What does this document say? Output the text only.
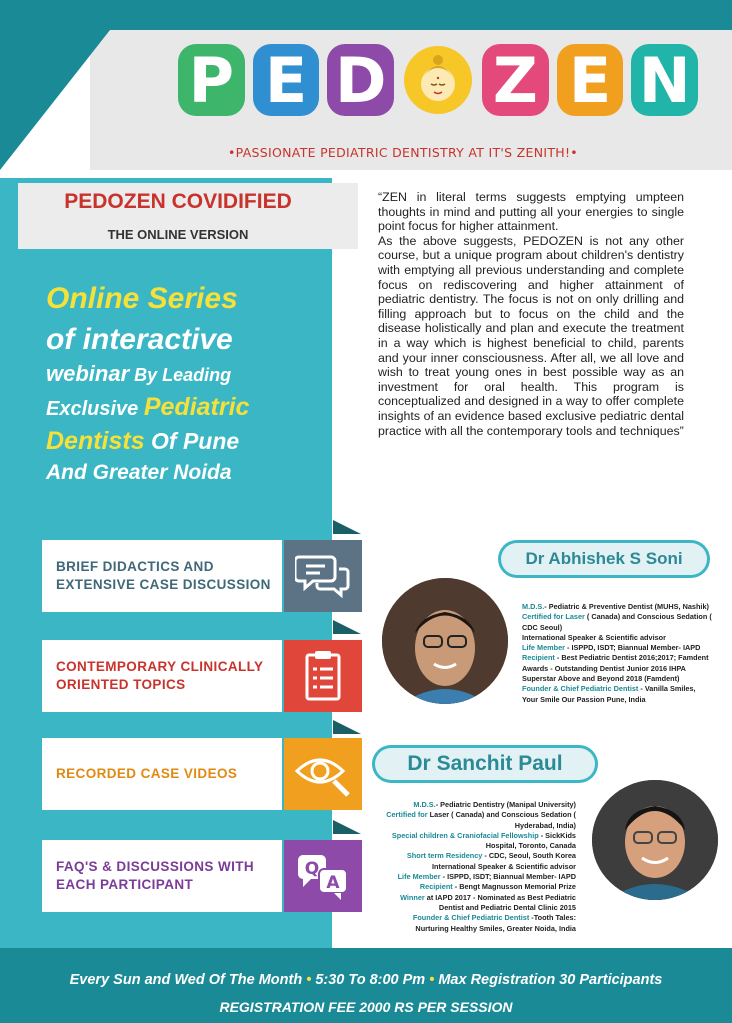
P E D Z E N
•PASSIONATE PEDIATRIC DENTISTRY AT IT'S ZENITH!•
PEDOZEN COVIDIFIED
THE ONLINE VERSION
Online Series
of interactive
webinar By Leading
Exclusive Pediatric
Dentists Of Pune
And Greater Noida
“ZEN in literal terms suggests emptying umpteen thoughts in mind and putting all your energies to single point focus for higher attainment.
As the above suggests, PEDOZEN is not any other course, but a unique program about children's dentistry with emptying all previous understanding and complete focus on rediscovering and higher attainment of pediatric dentistry. The focus is not on only drilling and filling approach but to focus on the child and the disease holistically and plan and execute the treatment in a way which is highest beneficial to child, parents and your inner consciousness. After all, we all love and wish to treat young ones in best possible way as an investment for oral health. This program is conceptualized and designed in a way to offer complete insights of an evidence based exclusive pediatric dental practice with all the contemporary tools and techniques”
BRIEF DIDACTICS AND
EXTENSIVE CASE DISCUSSION
CONTEMPORARY CLINICALLY
ORIENTED TOPICS
RECORDED CASE VIDEOS
FAQ'S & DISCUSSIONS WITH
EACH PARTICIPANT
Q
A
Dr Abhishek S Soni
M.D.S.- Pediatric & Preventive Dentist (MUHS, Nashik)
Certified for Laser ( Canada) and Conscious Sedation ( CDC Seoul)
International Speaker & Scientific advisor
Life Member - ISPPD, ISDT; Biannual Member- IAPD
Recipient - Best Pediatric Dentist 2016;2017; Famdent Awards - Outstanding Dentist Junior 2016 IHPA
Superstar Above and Beyond 2018 (Famdent)
Founder & Chief Pediatric Dentist - Vanilla Smiles, Your Smile Our Passion Pune, India
Dr Sanchit Paul
M.D.S.- Pediatric Dentistry (Manipal University)
Certified for Laser ( Canada) and Conscious Sedation ( Hyderabad, India)
Special children & Craniofacial Fellowship - SickKids Hospital, Toronto, Canada
Short term Residency - CDC, Seoul, South Korea
International Speaker & Scientific advisor
Life Member - ISPPD, ISDT; Biannual Member- IAPD
Recipient - Bengt Magnusson Memorial Prize
Winner at IAPD 2017 - Nominated as Best Pediatric Dentist and Pediatric Dental Clinic 2015
Founder & Chief Pediatric Dentist -Tooth Tales: Nurturing Healthy Smiles, Greater Noida, India
Every Sun and Wed Of The Month • 5:30 To 8:00 Pm • Max Registration 30 Participants
REGISTRATION FEE 2000 RS PER SESSION
